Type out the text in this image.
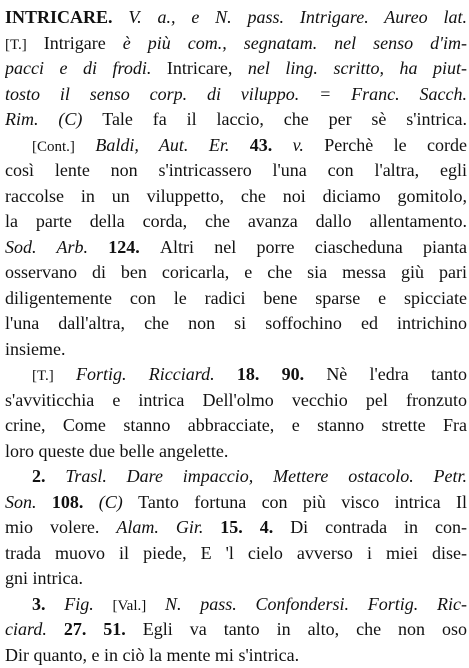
INTRICARE. V. a., e N. pass. Intrigare. Aureo lat.
[T.] Intrigare è più com., segnatam. nel senso d'im-
pacci e di frodi. Intricare, nel ling. scritto, ha piut-
tosto il senso corp. di viluppo. = Franc. Sacch.
Rim. (C) Tale fa il laccio, che per sè s'intrica.
[Cont.] Baldi, Aut. Er. 43. v. Perchè le corde
così lente non s'intricassero l'una con l'altra, egli
raccolse in un viluppetto, che noi diciamo gomitolo,
la parte della corda, che avanza dallo allentamento.
Sod. Arb. 124. Altri nel porre ciascheduna pianta
osservano di ben coricarla, e che sia messa giù pari
diligentemente con le radici bene sparse e spicciate
l'una dall'altra, che non si soffochino ed intrichino
insieme.
[T.] Fortig. Ricciard. 18. 90. Nè l'edra tanto
s'avviticchia e intrica Dell'olmo vecchio pel fronzuto
crine, Come stanno abbracciate, e stanno strette Fra
loro queste due belle angelette.
2. Trasl. Dare impaccio, Mettere ostacolo. Petr.
Son. 108. (C) Tanto fortuna con più visco intrica Il
mio volere. Alam. Gir. 15. 4. Di contrada in con-
trada muovo il piede, E 'l cielo avverso i miei dise-
gni intrica.
3. Fig. [Val.] N. pass. Confondersi. Fortig. Ric-
ciard. 27. 51. Egli va tanto in alto, che non oso
Dir quanto, e in ciò la mente mi s'intrica.
